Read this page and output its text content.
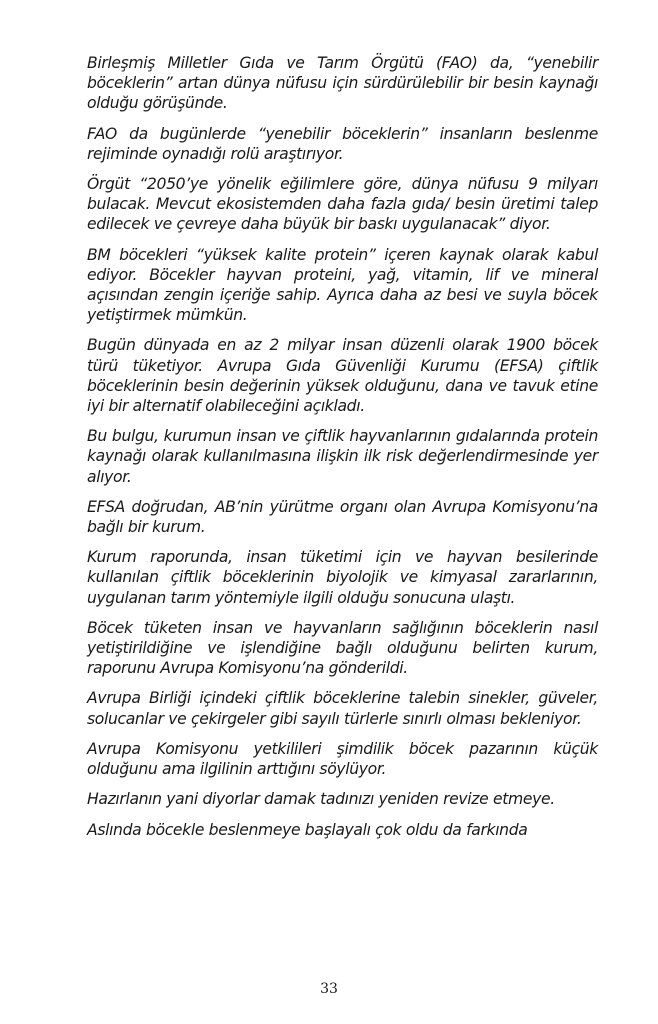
Birleşmiş Milletler Gıda ve Tarım Örgütü (FAO) da, “yenebilir böceklerin” artan dünya nüfusu için sürdürülebilir bir besin kaynağı olduğu görüşünde.

FAO da bugünlerde “yenebilir böceklerin” insanların beslenme rejiminde oynadığı rolü araştırıyor.

Örgüt “2050’ye yönelik eğilimlere göre, dünya nüfusu 9 milyarı bulacak. Mevcut ekosistemden daha fazla gıda/ besin üretimi talep edilecek ve çevreye daha büyük bir baskı uygulanacak” diyor.

BM böcekleri “yüksek kalite protein” içeren kaynak olarak kabul ediyor. Böcekler hayvan proteini, yağ, vitamin, lif ve mineral açısından zengin içeriğe sahip. Ayrıca daha az besi ve suyla böcek yetiştirmek mümkün.

Bugün dünyada en az 2 milyar insan düzenli olarak 1900 böcek türü tüketiyor. Avrupa Gıda Güvenliği Kurumu (EFSA) çiftlik böceklerinin besin değerinin yüksek olduğunu, dana ve tavuk etine iyi bir alternatif olabileceğini açıkladı.

Bu bulgu, kurumun insan ve çiftlik hayvanlarının gıdalarında protein kaynağı olarak kullanılmasına ilişkin ilk risk değerlendirmesinde yer alıyor.

EFSA doğrudan, AB’nin yürütme organı olan Avrupa Komisyonu’na bağlı bir kurum.

Kurum raporunda, insan tüketimi için ve hayvan besilerinde kullanılan çiftlik böceklerinin biyolojik ve kimyasal zararlarının, uygulanan tarım yöntemiyle ilgili olduğu sonucuna ulaştı.

Böcek tüketen insan ve hayvanların sağlığının böceklerin nasıl yetiştirildiğine ve işlendiğine bağlı olduğunu belirten kurum, raporunu Avrupa Komisyonu’na gönderildi.

Avrupa Birliği içindeki çiftlik böceklerine talebin sinekler, güveler, solucanlar ve çekirgeler gibi sayılı türlerle sınırlı olması bekleniyor.

Avrupa Komisyonu yetkilileri şimdilik böcek pazarının küçük olduğunu ama ilgilinin arttığını söylüyor.

Hazırlanın yani diyorlar damak tadınızı yeniden revize etmeye.

Aslında böcekle beslenmeye başlayalı çok oldu da farkında

33
